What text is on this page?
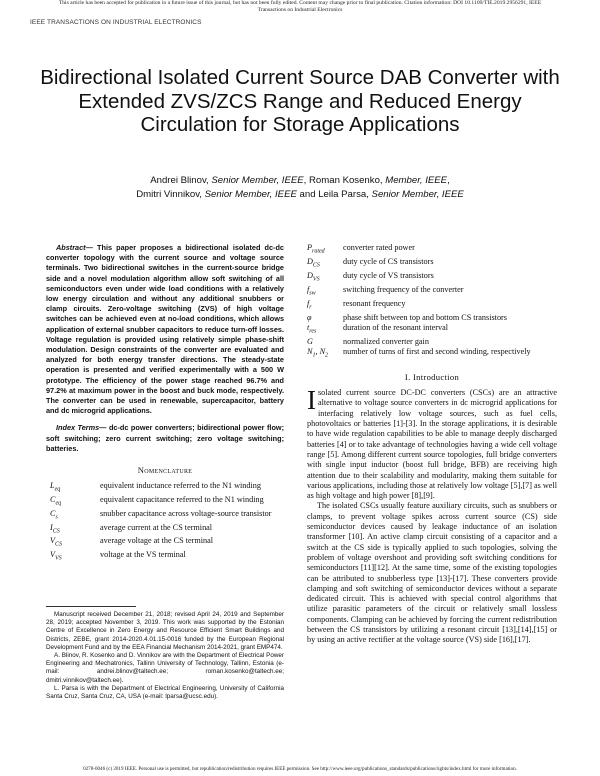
This article has been accepted for publication in a future issue of this journal, but has not been fully edited. Content may change prior to final publication. Citation information: DOI 10.1109/TIE.2019.2956291, IEEE
Transactions on Industrial Electronics
IEEE TRANSACTIONS ON INDUSTRIAL ELECTRONICS
Bidirectional Isolated Current Source DAB Converter with Extended ZVS/ZCS Range and Reduced Energy Circulation for Storage Applications
Andrei Blinov, Senior Member, IEEE, Roman Kosenko, Member, IEEE,
Dmitri Vinnikov, Senior Member, IEEE and Leila Parsa, Senior Member, IEEE

Abstract— This paper proposes a bidirectional isolated dc-dc converter topology with the current source and voltage source terminals. Two bidirectional switches in the current-source bridge side and a novel modulation algorithm allow soft switching of all semiconductors even under wide load conditions with a relatively low energy circulation and without any additional snubbers or clamp circuits. Zero-voltage switching (ZVS) of high voltage switches can be achieved even at no-load conditions, which allows application of external snubber capacitors to reduce turn-off losses. Voltage regulation is provided using relatively simple phase-shift modulation. Design constraints of the converter are evaluated and analyzed for both energy transfer directions. The steady-state operation is presented and verified experimentally with a 500 W prototype. The efficiency of the power stage reached 96.7% and 97.2% at maximum power in the boost and buck mode, respectively. The converter can be used in renewable, supercapacitor, battery and dc microgrid applications.

Index Terms— dc-dc power converters; bidirectional power flow; soft switching; zero current switching; zero voltage switching; batteries.

Nomenclature
$L_{eq}$	equivalent inductance referred to the N1 winding
$C_{eq}$	equivalent capacitance referred to the N1 winding
$C_s$	snubber capacitance across voltage-source transistor
$I_{CS}$	average current at the CS terminal
$V_{CS}$	average voltage at the CS terminal
$V_{VS}$	voltage at the VS terminal

Manuscript received December 21, 2018; revised April 24, 2019 and September 28, 2019; accepted November 3, 2019. This work was supported by the Estonian Centre of Excellence in Zero Energy and Resource Efficient Smart Buildings and Districts, ZEBE, grant 2014-2020.4.01.15-0016 funded by the European Regional Development Fund and by the EEA Financial Mechanism 2014-2021, grant EMP474.

A. Blinov, R. Kosenko and D. Vinnikov are with the Department of Electrical Power Engineering and Mechatronics, Tallinn University of Technology, Tallinn, Estonia (e-mail: andrei.blinov@taltech.ee; roman.kosenko@taltech.ee; dmitri.vinnikov@taltech.ee).

L. Parsa is with the Department of Electrical Engineering, University of California Santa Cruz, Santa Cruz, CA, USA (e-mail: lparsa@ucsc.edu).

$P_{rated}$	converter rated power
$D_{CS}$	duty cycle of CS transistors
$D_{VS}$	duty cycle of VS transistors
$f_{sw}$	switching frequency of the converter
$f_r$	resonant frequency
φ	phase shift between top and bottom CS transistors
$t_{res}$	duration of the resonant interval
G	normalized converter gain
$N_1$, $N_2$	number of turns of first and second winding, respectively
I. Introduction

Isolated current source DC-DC converters (CSCs) are an attractive alternative to voltage source converters in dc microgrid applications for interfacing relatively low voltage sources, such as fuel cells, photovoltaics or batteries [1]-[3]. In the storage applications, it is desirable to have wide regulation capabilities to be able to manage deeply discharged batteries [4] or to take advantage of technologies having a wide cell voltage range [5]. Among different current source topologies, full bridge converters with single input inductor (boost full bridge, BFB) are receiving high attention due to their scalability and modularity, making them suitable for various applications, including those at relatively low voltage [5],[7] as well as high voltage and high power [8],[9].

The isolated CSCs usually feature auxiliary circuits, such as snubbers or clamps, to prevent voltage spikes across current source (CS) side semiconductor devices caused by leakage inductance of an isolation transformer [10]. An active clamp circuit consisting of a capacitor and a switch at the CS side is typically applied to such topologies, solving the problem of voltage overshoot and providing soft switching conditions for semiconductors [11][12]. At the same time, some of the existing topologies can be attributed to snubberless type [13]-[17]. These converters provide clamping and soft switching of semiconductor devices without a separate dedicated circuit. This is achieved with special control algorithms that utilize parasitic parameters of the circuit or relatively small lossless components. Clamping can be achieved by forcing the current redistribution between the CS transistors by utilizing a resonant circuit [13],[14],[15] or by using an active rectifier at the voltage source (VS) side [16],[17].

0278-0046 (c) 2019 IEEE. Personal use is permitted, but republication/redistribution requires IEEE permission. See http://www.ieee.org/publications_standards/publications/rights/index.html for more information.
